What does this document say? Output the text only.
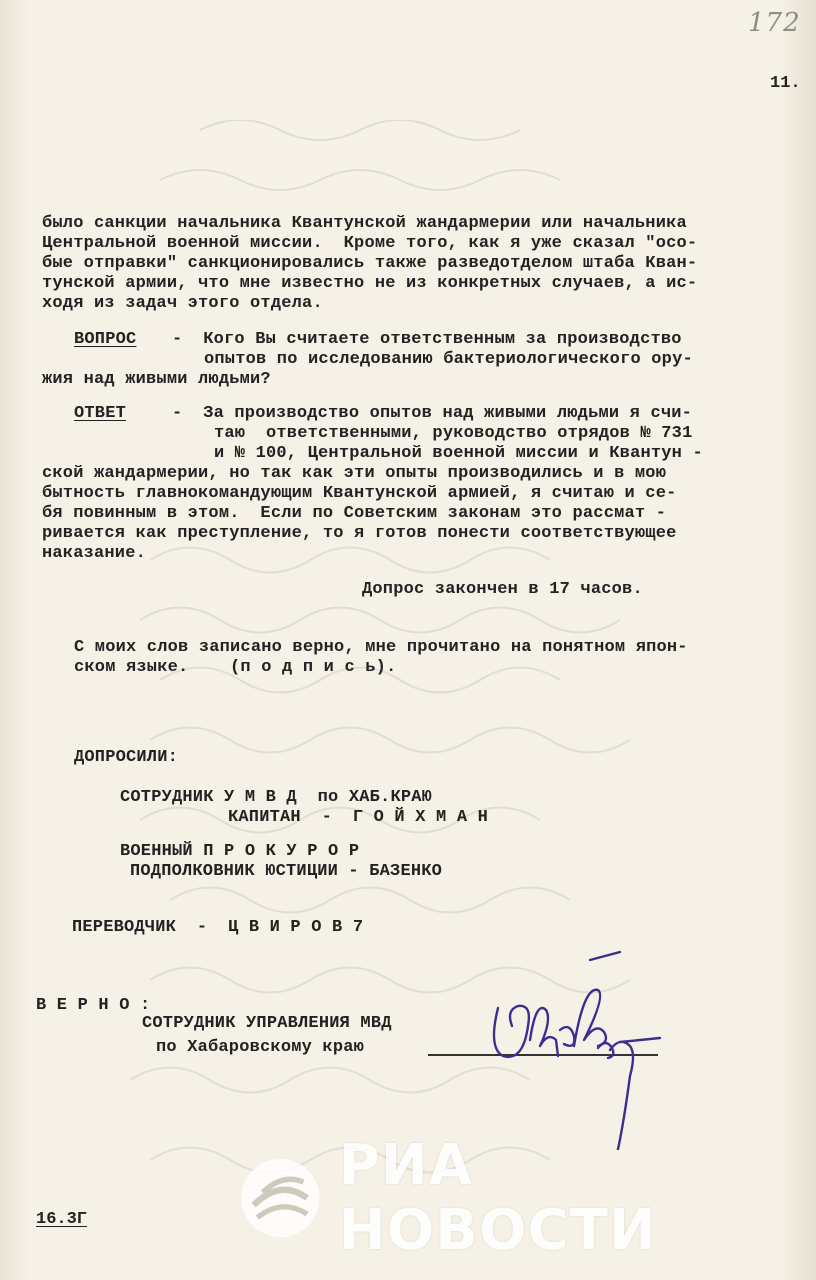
172
11.
было санкции начальника Квантунской жандармерии или начальника
Центральной военной миссии.  Кроме того, как я уже сказал "осо-
бые отправки" санкционировались также разведотделом штаба Кван-
тунской армии, что мне известно не из конкретных случаев, а ис-
ходя из задач этого отдела.
ВОПРОС -  Кого Вы считаете ответственным за производство
опытов по исследованию бактериологического ору-
жия над живыми людьми?
ОТВЕТ	-  За производство опытов над живыми людьми я счи-
таю  ответственными, руководство отрядов № 731
и № 100, Центральной военной миссии и Квантун -
ской жандармерии, но так как эти опыты производились и в мою
бытность главнокомандующим Квантунской армией, я считаю и се-
бя повинным в этом.  Если по Советским законам это рассмат -
ривается как преступление, то я готов понести соответствующее
наказание.
Допрос закончен в 17 часов.
С моих слов записано верно, мне прочитано на понятном япон-
ском языке.    (п о д п и с ь).
ДОПРОСИЛИ:
СОТРУДНИК У М В Д  по ХАБ.КРАЮ
КАПИТАН  -  Г О Й Х М А Н
ВОЕННЫЙ П Р О К У Р О Р
ПОДПОЛКОВНИК ЮСТИЦИИ - БАЗЕНКО
ПЕРЕВОДЧИК  -  Ц В И Р О В 7
В Е Р Н О :
СОТРУДНИК УПРАВЛЕНИЯ МВД
по Хабаровскому краю
РИА НОВОСТИ
16.3Г
